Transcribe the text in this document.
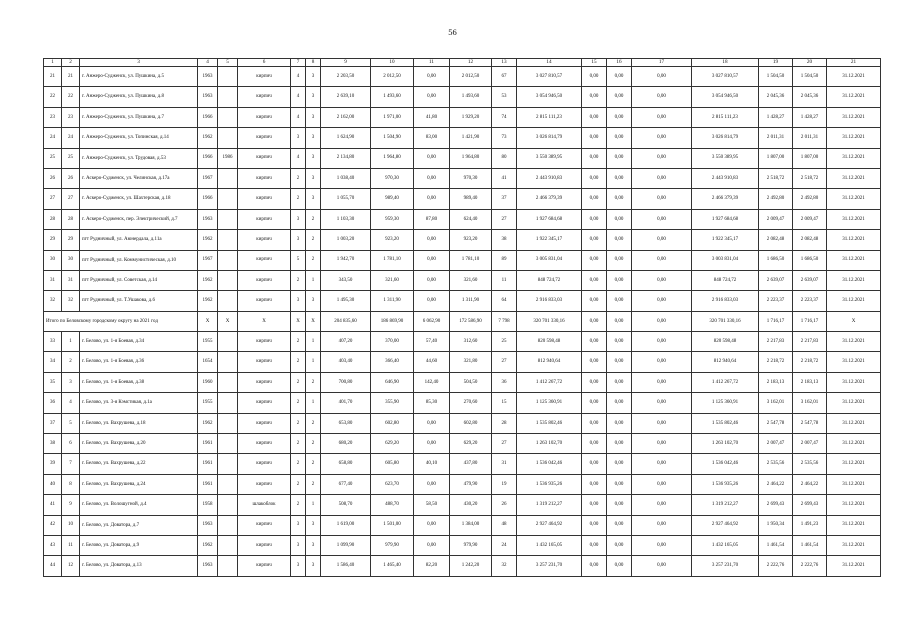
56
1	2	3	4	5	6	7	8	9	10	11	12	13	14	15	16	17	18	19	20	21
21	21	г. Анжеро-Судженск, ул. Пушкина, д.5	1963		кирпич	4	3	2 203,50	2 012,50	0,00	2 012,50	67	3 027 810,57	0,00	0,00	0,00	3 027 810,57	1 504,50	1 504,50	31.12.2021
22	22	г. Анжеро-Судженск, ул. Пушкина, д.8	1963		кирпич	4	3	2 639,10	1 493,60	0,00	1 493,60	53	3 054 946,50	0,00	0,00	0,00	3 054 946,50	2 045,36	2 045,36	31.12.2021
23	23	г. Анжеро-Судженск, ул. Пушкина, д.7	1966		кирпич	4	3	2 162,00	1 971,00	41,80	1 929,20	74	2 815 111,23	0,00	0,00	0,00	2 815 111,23	1 428,27	1 428,27	31.12.2021
24	24	г. Анжеро-Судженск, ул. Топинская, д.14	1962		кирпич	3	3	1 624,90	1 504,90	83,00	1 421,90	73	3 026 814,79	0,00	0,00	0,00	3 026 814,79	2 011,31	2 011,31	31.12.2021
25	25	г. Анжеро-Судженск, ул. Трудовая, д.53	1966	1986	кирпич	4	3	2 134,80	1 964,80	0,00	1 964,80	80	3 550 389,95	0,00	0,00	0,00	3 550 389,95	1 807,00	1 807,00	31.12.2021
26	26	г. Аскеро-Судженск, ул. Челинская, д.17а	1967		кирпич	2	3	1 038,40	970,30	0,00	970,30	41	2 443 910,83	0,00	0,00	0,00	2 443 910,83	2 518,72	2 518,72	31.12.2021
27	27	г. Аскеро-Судженск, ул. Шахтерская, д.18	1966		кирпич	2	3	1 055,70	989,40	0,00	989,40	37	2 466 379,39	0,00	0,00	0,00	2 466 379,39	2 492,80	2 492,80	31.12.2021
28	28	г. Аскеро-Судженск, пер. Электрический, д.7	1963		кирпич	3	2	1 103,30	959,30	87,80	624,40	27	1 927 684,68	0,00	0,00	0,00	1 927 684,68	2 009,47	2 009,47	31.12.2021
29	29	пгт Рудничный, ул. Аюнердала, д.11а	1962		кирпич	3	2	1 003,20	923,20	0,00	923,20	38	1 922 345,17	0,00	0,00	0,00	1 922 345,17	2 082,48	2 082,48	31.12.2021
30	30	пгт Рудничный, ул. Коммунистическая, д.10	1967		кирпич	5	2	1 942,70	1 781,10	0,00	1 781,10	89	3 005 831,04	0,00	0,00	0,00	3 003 831,04	1 686,50	1 686,50	31.12.2021
31	31	пгт Рудничный, ул. Советская, д.14	1962		кирпич	2	1	343,50	321,60	0,00	321,60	11	848 724,72	0,00	0,00	0,00	848 724,72	2 639,07	2 639,07	31.12.2021
32	32	пгт Рудничный, ул. Т.Ушакова, д.6	1962		кирпич	3	3	1 495,30	1 311,90	0,00	1 311,90	64	2 916 833,03	0,00	0,00	0,00	2 916 833,03	2 223,37	2 223,37	31.12.2021
Итого по Беловскому городскому округу на 2021 год			X	X	X	X	X	204 835,60	186 869,90	6 062,90	172 586,90	7 798	320 701 330,16	0,00	0,00	0,00	320 701 330,16	1 716,17	1 716,17	X
33	1	г. Белово, ул. 1-я Боевая, д.34	1955		кирпич	2	1	407,20	370,00	57,40	312,60	25	820 598,48	0,00	0,00	0,00	820 598,48	2 217,83	2 217,83	31.12.2021
34	2	г. Белово, ул. 1-я Боевая, д.36	1654		кирпич	2	1	403,40	366,40	44,60	321,80	27	812 940,64	0,00	0,00	0,00	812 940,64	2 218,72	2 218,72	31.12.2021
35	3	г. Белово, ул. 1-я Боевая, д.38	1960		кирпич	2	2	700,80	646,90	142,40	504,50	36	1 412 267,72	0,00	0,00	0,00	1 412 267,72	2 183,13	2 183,13	31.12.2021
36	4	г. Белово, ул. 3-я Кэмстикая, д.1а	1955		кирпич	2	1	401,70	355,90	85,30	270,60	15	1 125 360,91	0,00	0,00	0,00	1 125 360,91	3 162,01	3 162,01	31.12.2021
37	5	г. Белово, ул. Вахрушева, д.18	1962		кирпич	2	2	653,80	602,80	0,00	602,80	28	1 535 802,46	0,00	0,00	0,00	1 535 802,46	2 547,78	2 547,78	31.12.2021
38	6	г. Белово, ул. Вахрушева, д.20	1961		кирпич	2	2	680,20	629,20	0,00	629,20	27	1 263 102,70	0,00	0,00	0,00	1 263 102,70	2 007,47	2 007,47	31.12.2021
39	7	г. Белово, ул. Вахрушева, д.22	1961		кирпич	2	2	658,80	605,80	40,10	437,80	31	1 536 042,46	0,00	0,00	0,00	1 536 042,46	2 535,56	2 535,56	31.12.2021
40	8	г. Белово, ул. Вахрушева, д.24	1961		кирпич	2	2	677,40	623,70	0,00	479,90	19	1 536 935,26	0,00	0,00	0,00	1 536 935,26	2 464,22	2 464,22	31.12.2021
41	9	г. Белово, ул. Волошугной, д.4	1958		шлакоблок	2	1	508,70	488,70	58,50	430,20	26	1 319 212,27	0,00	0,00	0,00	1 319 212,27	2 699,43	2 699,43	31.12.2021
42	10	г. Белово, ул. Доватора, д.7	1963		кирпич	3	3	1 619,00	1 501,00	0,00	1 384,00	48	2 927 464,92	0,00	0,00	0,00	2 927 464,92	1 950,34	1 491,23	31.12.2021
43	11	г. Белово, ул. Доватора, д.9	1962		кирпич	3	3	1 099,90	979,90	0,00	979,90	24	1 432 165,05	0,00	0,00	0,00	1 432 165,05	1 461,54	1 461,54	31.12.2021
44	12	г. Белово, ул. Доватора, д.13	1963		кирпич	3	3	1 586,40	1 465,40	82,20	1 242,20	32	3 257 231,70	0,00	0,00	0,00	3 257 231,70	2 222,76	2 222,76	31.12.2021
